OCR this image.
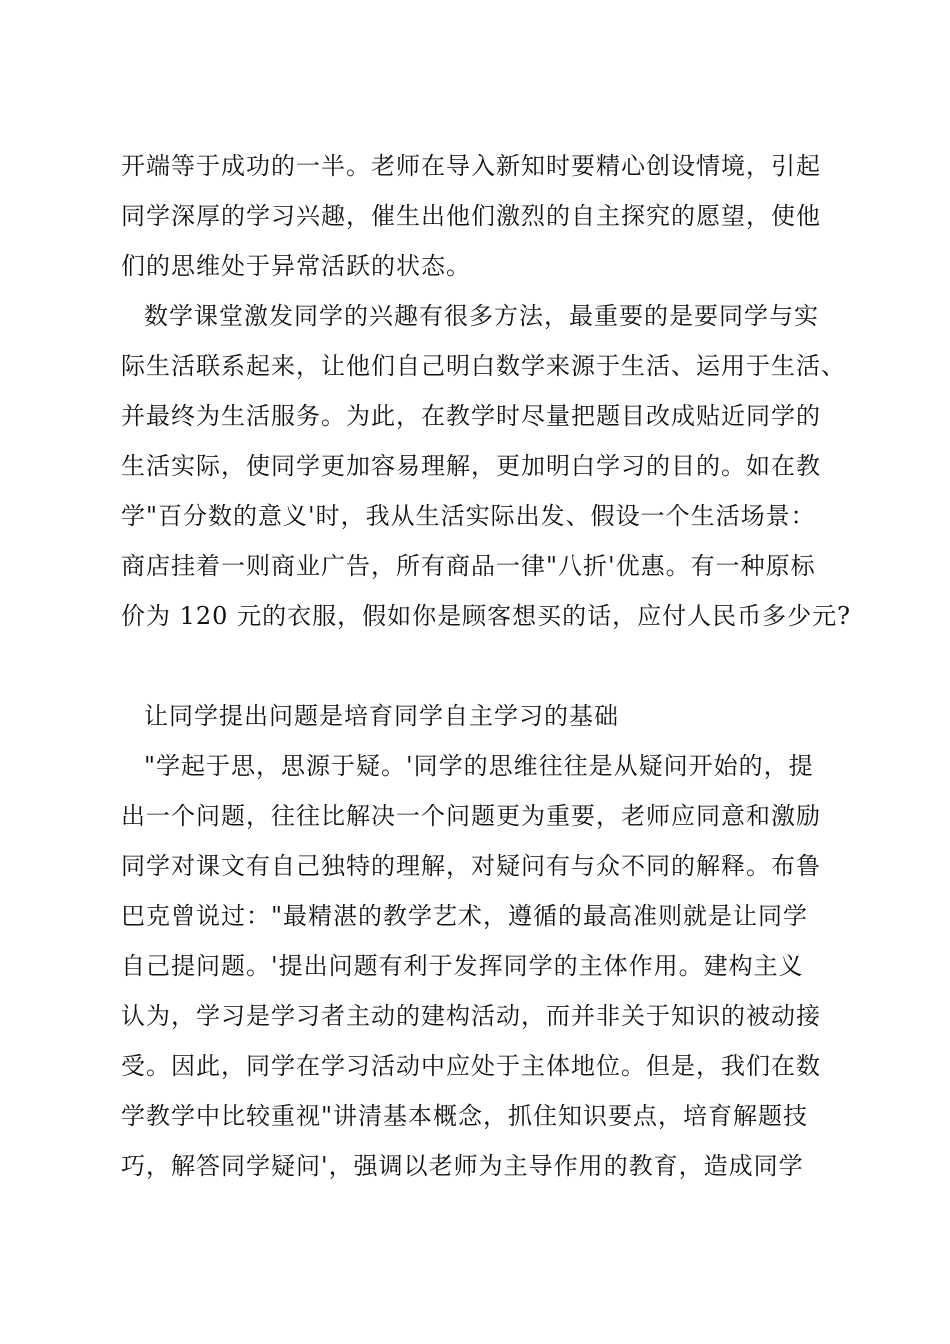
开端等于成功的一半。老师在导入新知时要精心创设情境，引起
同学深厚的学习兴趣，催生出他们激烈的自主探究的愿望，使他
们的思维处于异常活跃的状态。
数学课堂激发同学的兴趣有很多方法，最重要的是要同学与实
际生活联系起来，让他们自己明白数学来源于生活、运用于生活、
并最终为生活服务。为此，在教学时尽量把题目改成贴近同学的
生活实际，使同学更加容易理解，更加明白学习的目的。如在教
学"百分数的意义'时，我从生活实际出发、假设一个生活场景：
商店挂着一则商业广告，所有商品一律"八折'优惠。有一种原标
价为 120 元的衣服，假如你是顾客想买的话，应付人民币多少元?
让同学提出问题是培育同学自主学习的基础
"学起于思，思源于疑。'同学的思维往往是从疑问开始的，提
出一个问题，往往比解决一个问题更为重要，老师应同意和激励
同学对课文有自己独特的理解，对疑问有与众不同的解释。布鲁
巴克曾说过："最精湛的教学艺术，遵循的最高准则就是让同学
自己提问题。'提出问题有利于发挥同学的主体作用。建构主义
认为，学习是学习者主动的建构活动，而并非关于知识的被动接
受。因此，同学在学习活动中应处于主体地位。但是，我们在数
学教学中比较重视"讲清基本概念，抓住知识要点，培育解题技
巧，解答同学疑问'，强调以老师为主导作用的教育，造成同学
